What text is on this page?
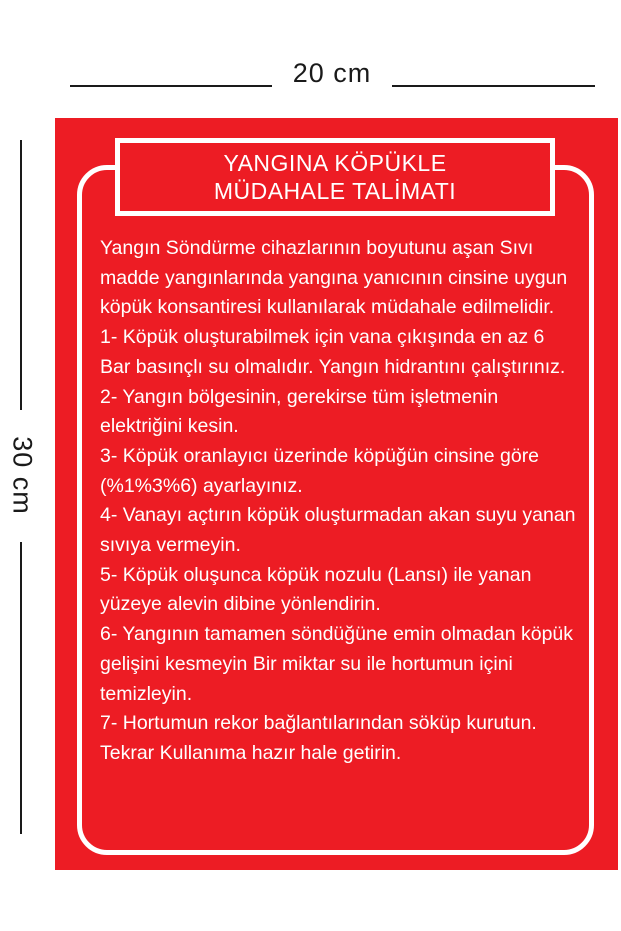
20 cm
30 cm
YANGINA KÖPÜKLE
MÜDAHALE TALİMATI

Yangın Söndürme cihazlarının boyutunu aşan Sıvı madde yangınlarında yangına yanıcının cinsine uygun köpük konsantiresi kullanılarak müdahale edilmelidir.

1- Köpük oluşturabilmek için vana çıkışında en az 6 Bar basınçlı su olmalıdır. Yangın hidrantını çalıştırınız.

2- Yangın bölgesinin, gerekirse tüm işletmenin elektriğini kesin.

3- Köpük oranlayıcı üzerinde köpüğün cinsine göre (%1%3%6) ayarlayınız.

4- Vanayı açtırın köpük oluşturmadan akan suyu yanan sıvıya vermeyin.

5- Köpük oluşunca köpük nozulu (Lansı) ile yanan yüzeye alevin dibine yönlendirin.

6- Yangının tamamen söndüğüne emin olmadan köpük gelişini kesmeyin Bir miktar su ile hortumun içini temizleyin.

7- Hortumun rekor bağlantılarından söküp kurutun. Tekrar Kullanıma hazır hale getirin.
